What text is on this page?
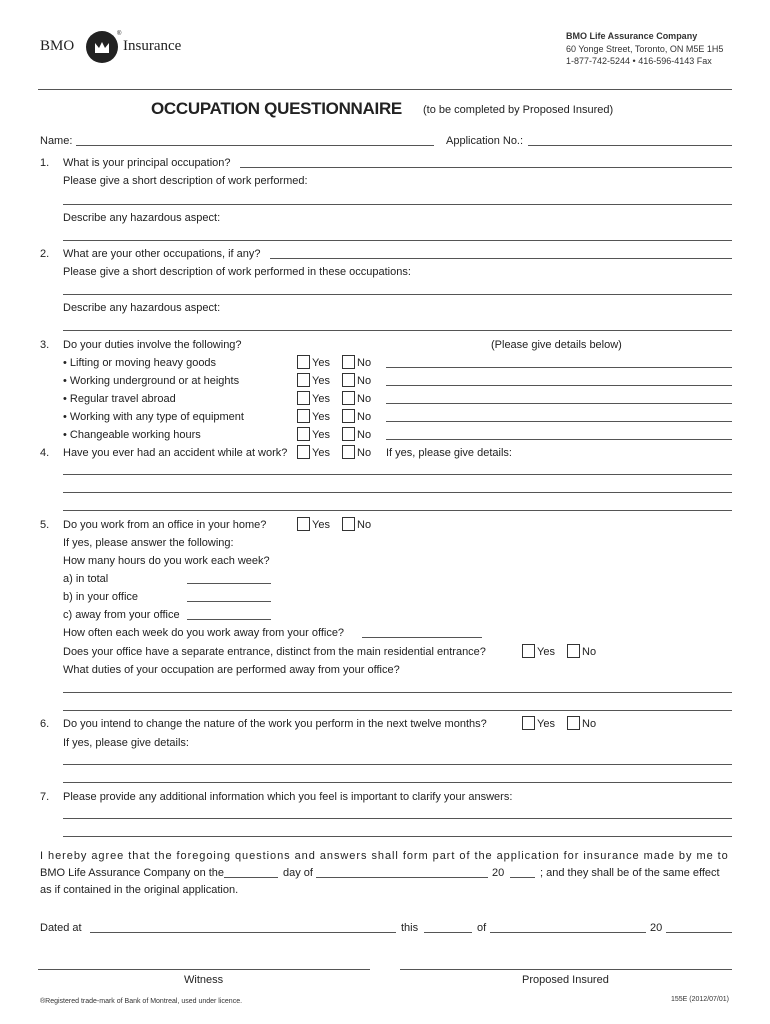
BMO
®
Insurance
BMO Life Assurance Company
60 Yonge Street, Toronto, ON M5E 1H5
1-877-742-5244 • 416-596-4143 Fax
OCCUPATION QUESTIONNAIRE (to be completed by Proposed Insured)
Name:	Application No.:
1. What is your principal occupation?
Please give a short description of work performed:
Describe any hazardous aspect:
2. What are your other occupations, if any?
Please give a short description of work performed in these occupations:
Describe any hazardous aspect:
3. Do your duties involve the following?	(Please give details below)
• Lifting or moving heavy goods	Yes No
• Working underground or at heights	Yes No
• Regular travel abroad	Yes No
• Working with any type of equipment	Yes No
• Changeable working hours	Yes No
4. Have you ever had an accident while at work? Yes No If yes, please give details:
5. Do you work from an office in your home?	Yes No
If yes, please answer the following:
How many hours do you work each week?
a) in total
b) in your office
c) away from your office
How often each week do you work away from your office?
Does your office have a separate entrance, distinct from the main residential entrance?	Yes No
What duties of your occupation are performed away from your office?
6. Do you intend to change the nature of the work you perform in the next twelve months?	Yes No
If yes, please give details:
7. Please provide any additional information which you feel is important to clarify your answers:
I hereby agree that the foregoing questions and answers shall form part of the application for insurance made by me to
BMO Life Assurance Company on the	day of	20	; and they shall be of the same effect
as if contained in the original application.
Dated at	this	of	20
Witness	Proposed Insured
®Registered trade-mark of Bank of Montreal, used under licence.	155E (2012/07/01)
